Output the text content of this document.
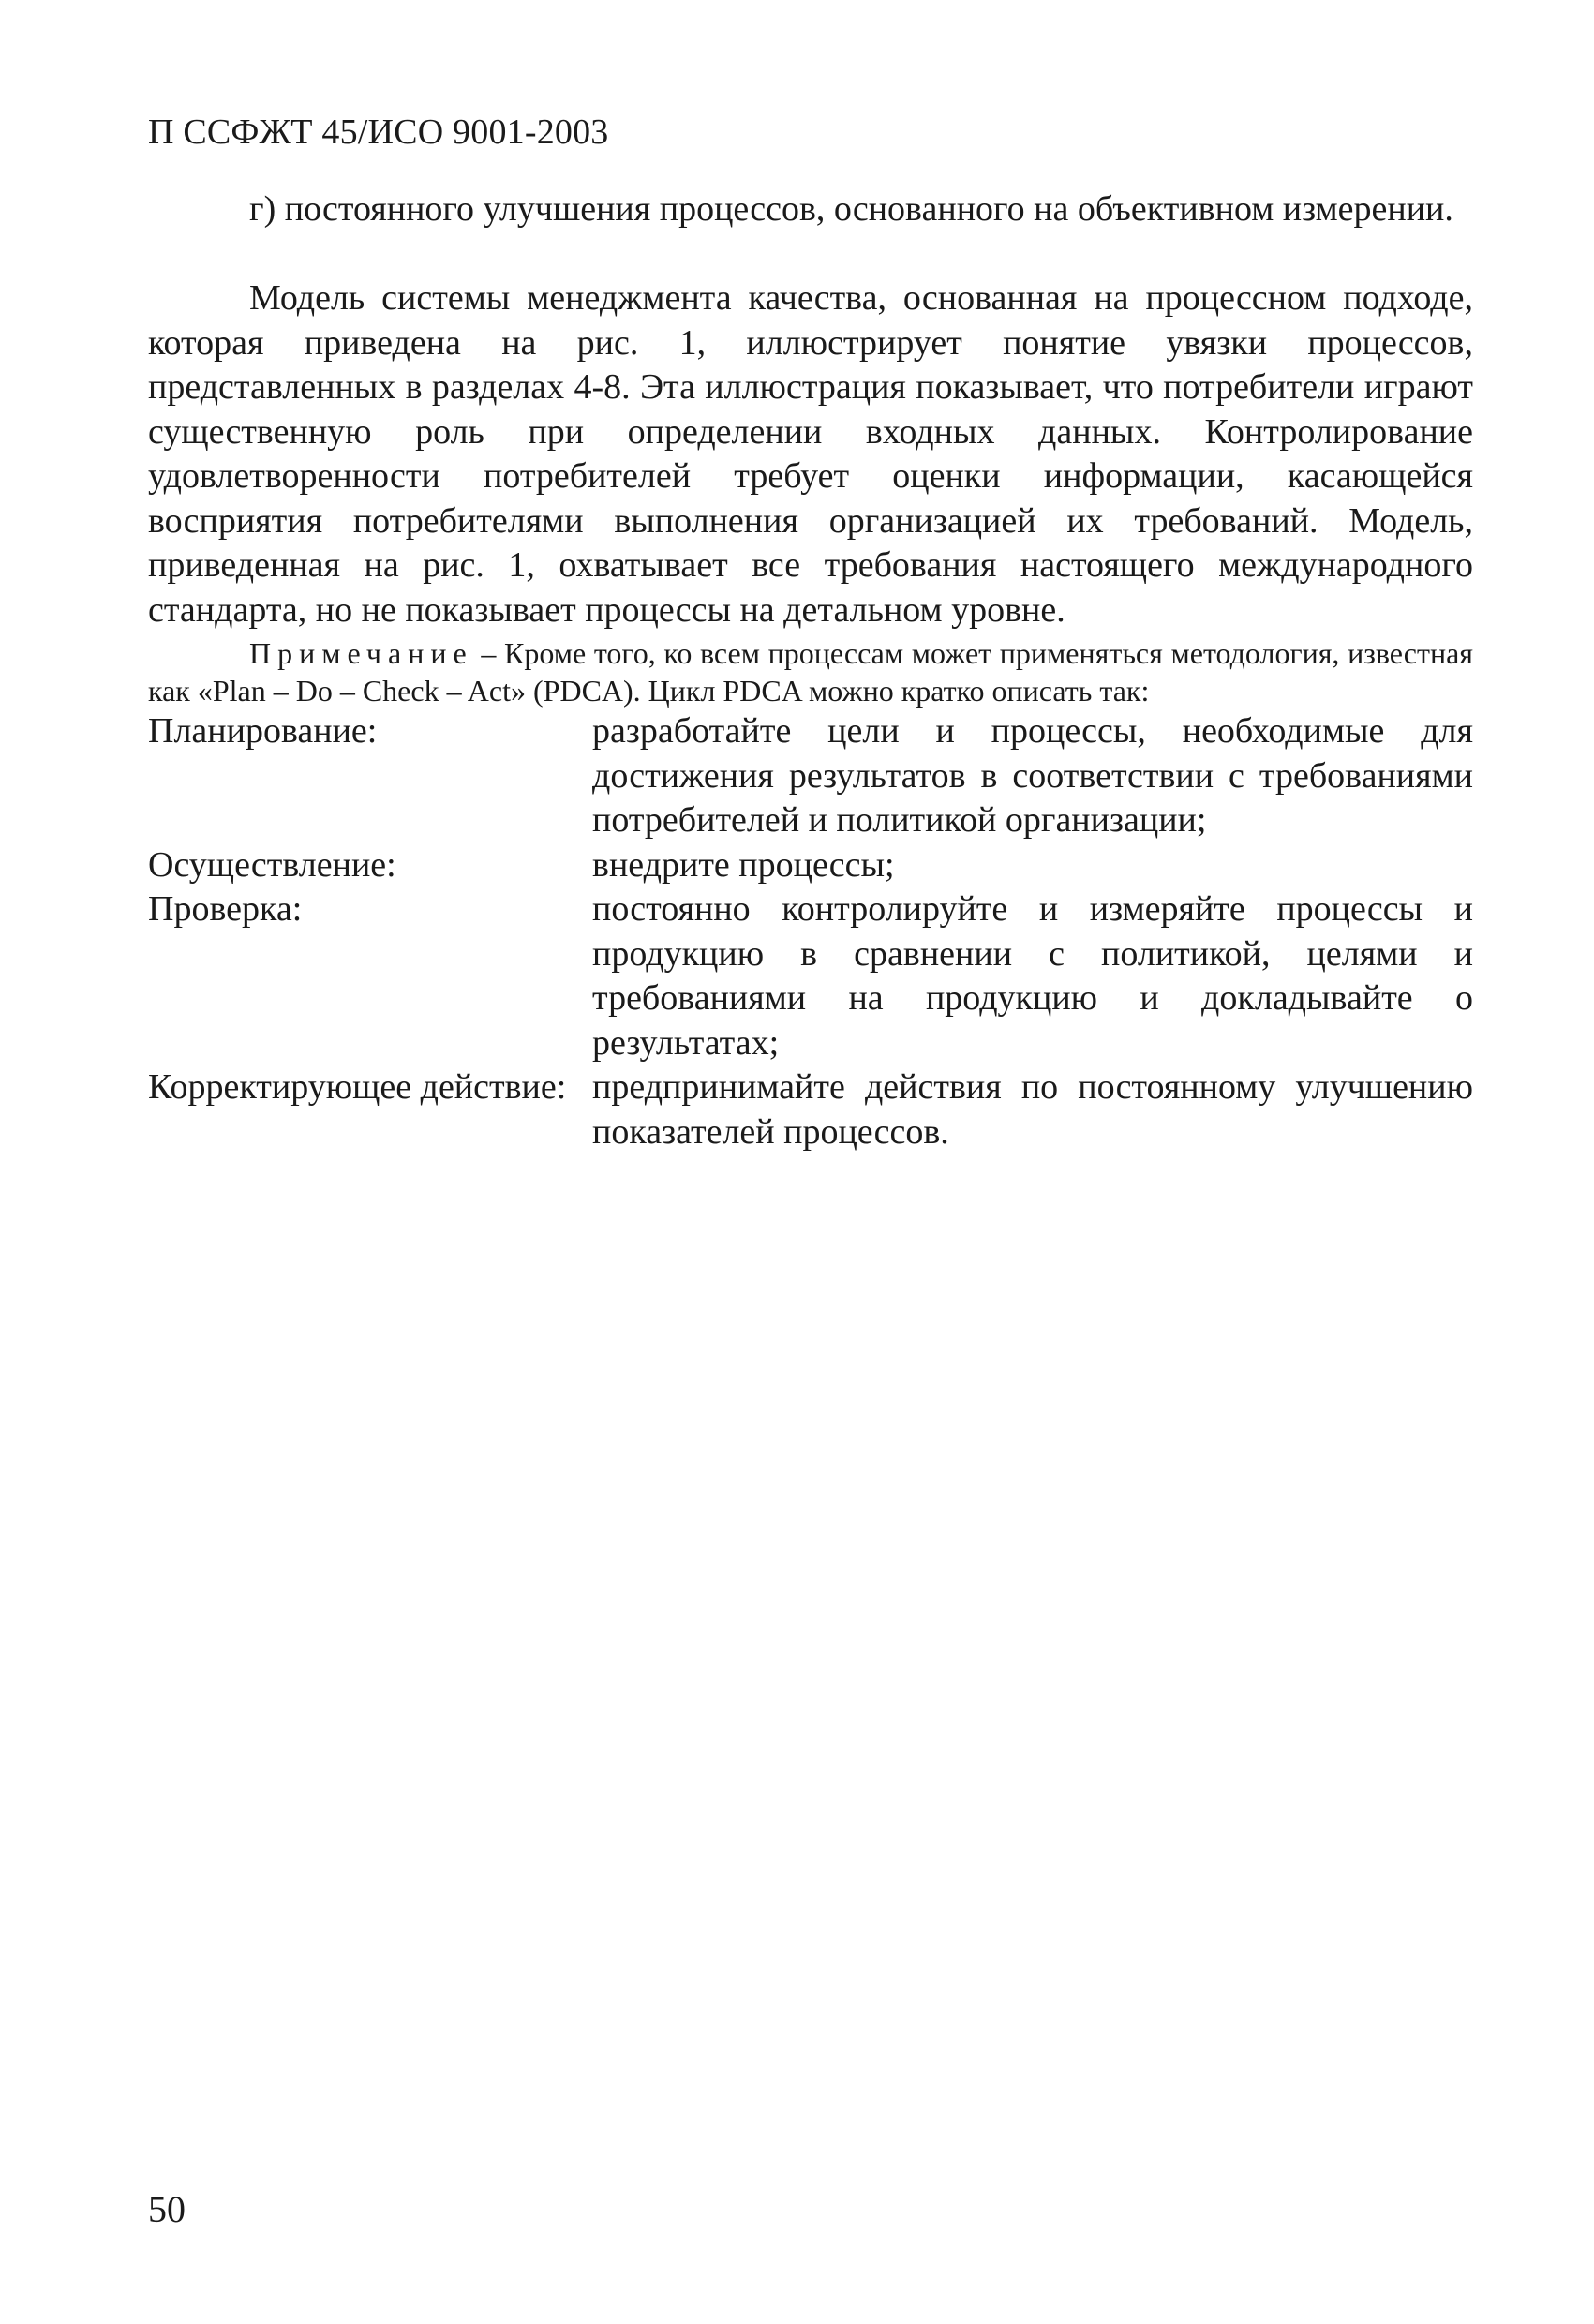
П ССФЖТ 45/ИСО 9001-2003

г) постоянного улучшения процессов, основанного на объективном измерении.

Модель системы менеджмента качества, основанная на процессном подходе, которая приведена на рис. 1, иллюстрирует понятие увязки процессов, представленных в разделах 4-8. Эта иллюстрация показывает, что потребители играют существенную роль при определении входных данных. Контролирование удовлетворенности потребителей требует оценки информации, касающейся восприятия потребителями выполнения организацией их требований. Модель, приведенная на рис. 1, охватывает все требования настоящего международного стандарта, но не показывает процессы на детальном уровне.

Примечание – Кроме того, ко всем процессам может применяться методология, известная как «Plan – Do – Check – Act» (PDCA). Цикл PDCA можно кратко описать так:

Планирование:	разработайте цели и процессы, необходимые для достижения результатов в соответствии с требованиями потребителей и политикой организации;
Осуществление:	внедрите процессы;
Проверка:	постоянно контролируйте и измеряйте процессы и продукцию в сравнении с политикой, целями и требованиями на продукцию и докладывайте о результатах;
Корректирующее действие:	предпринимайте действия по постоянному улучшению показателей процессов.
50
